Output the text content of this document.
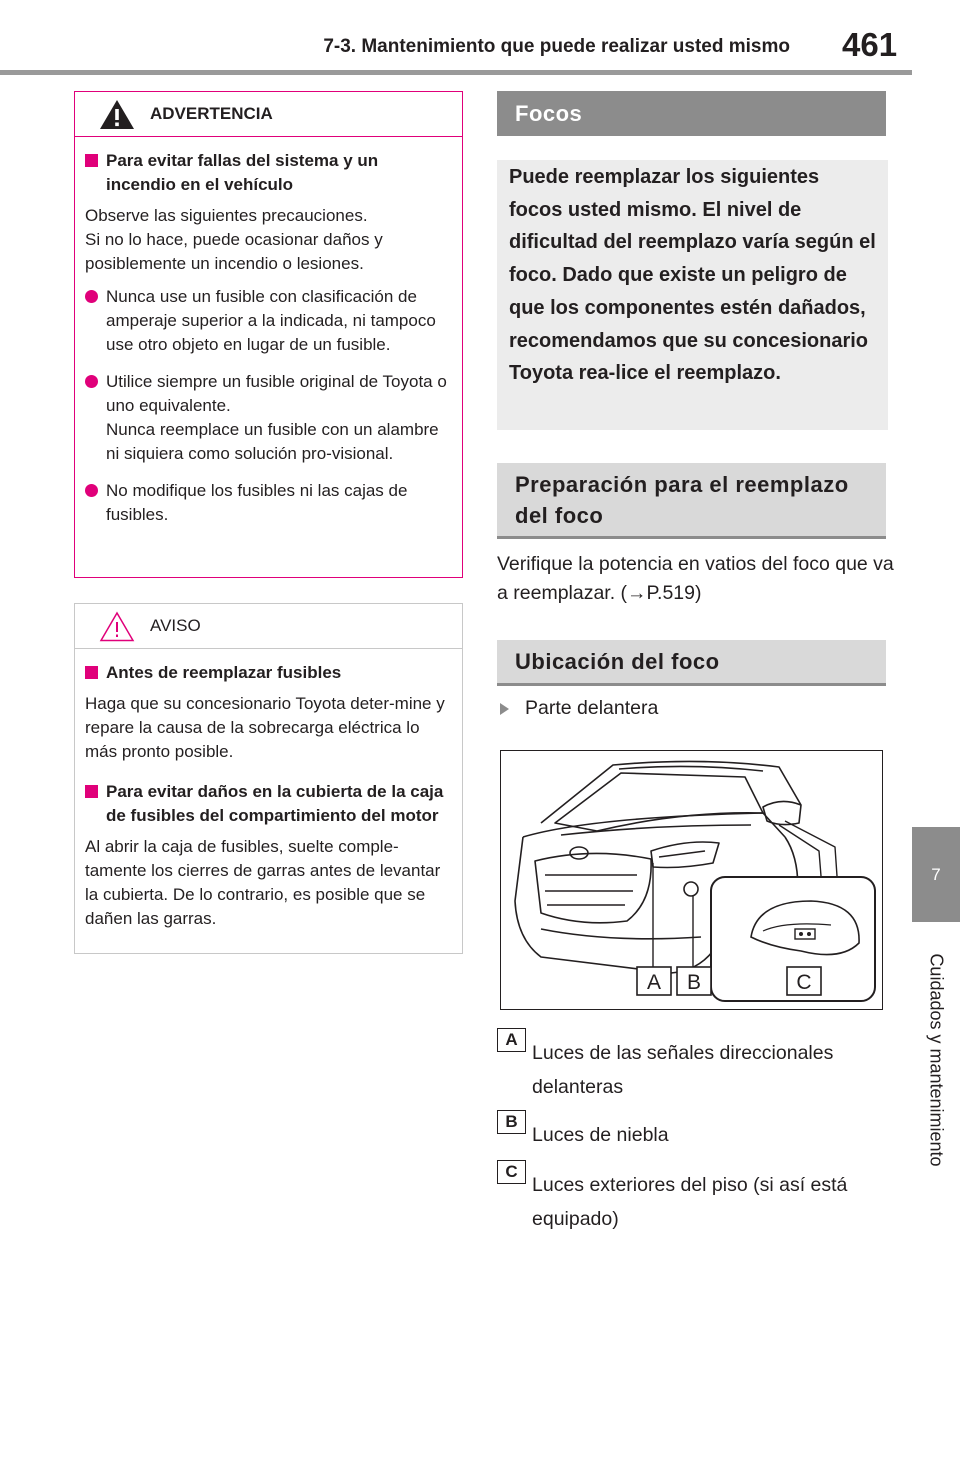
7-3. Mantenimiento que puede realizar usted mismo 461
7
Cuidados y mantenimiento
ADVERTENCIA
Para evitar fallas del sistema y un incendio en el vehículo
Observe las siguientes precauciones.
Si no lo hace, puede ocasionar daños y posiblemente un incendio o lesiones.
Nunca use un fusible con clasificación de amperaje superior a la indicada, ni tampoco use otro objeto en lugar de un fusible.
Utilice siempre un fusible original de Toyota o uno equivalente.
Nunca reemplace un fusible con un alambre ni siquiera como solución pro-visional.
No modifique los fusibles ni las cajas de fusibles.
AVISO
Antes de reemplazar fusibles
Haga que su concesionario Toyota deter-mine y repare la causa de la sobrecarga eléctrica lo más pronto posible.
Para evitar daños en la cubierta de la caja de fusibles del compartimiento del motor
Al abrir la caja de fusibles, suelte comple-tamente los cierres de garras antes de levantar la cubierta. De lo contrario, es posible que se dañen las garras.
Focos
Puede reemplazar los siguientes focos usted mismo. El nivel de dificultad del reemplazo varía según el foco. Dado que existe un peligro de que los componentes estén dañados, recomendamos que su concesionario Toyota rea-lice el reemplazo.
Preparación para el reemplazo del foco
Verifique la potencia en vatios del foco que va a reemplazar. (→P.519)
Ubicación del foco
Parte delantera
A B	C
A
Luces de las señales direccionales delanteras
B
Luces de niebla
C
Luces exteriores del piso (si así está equipado)
